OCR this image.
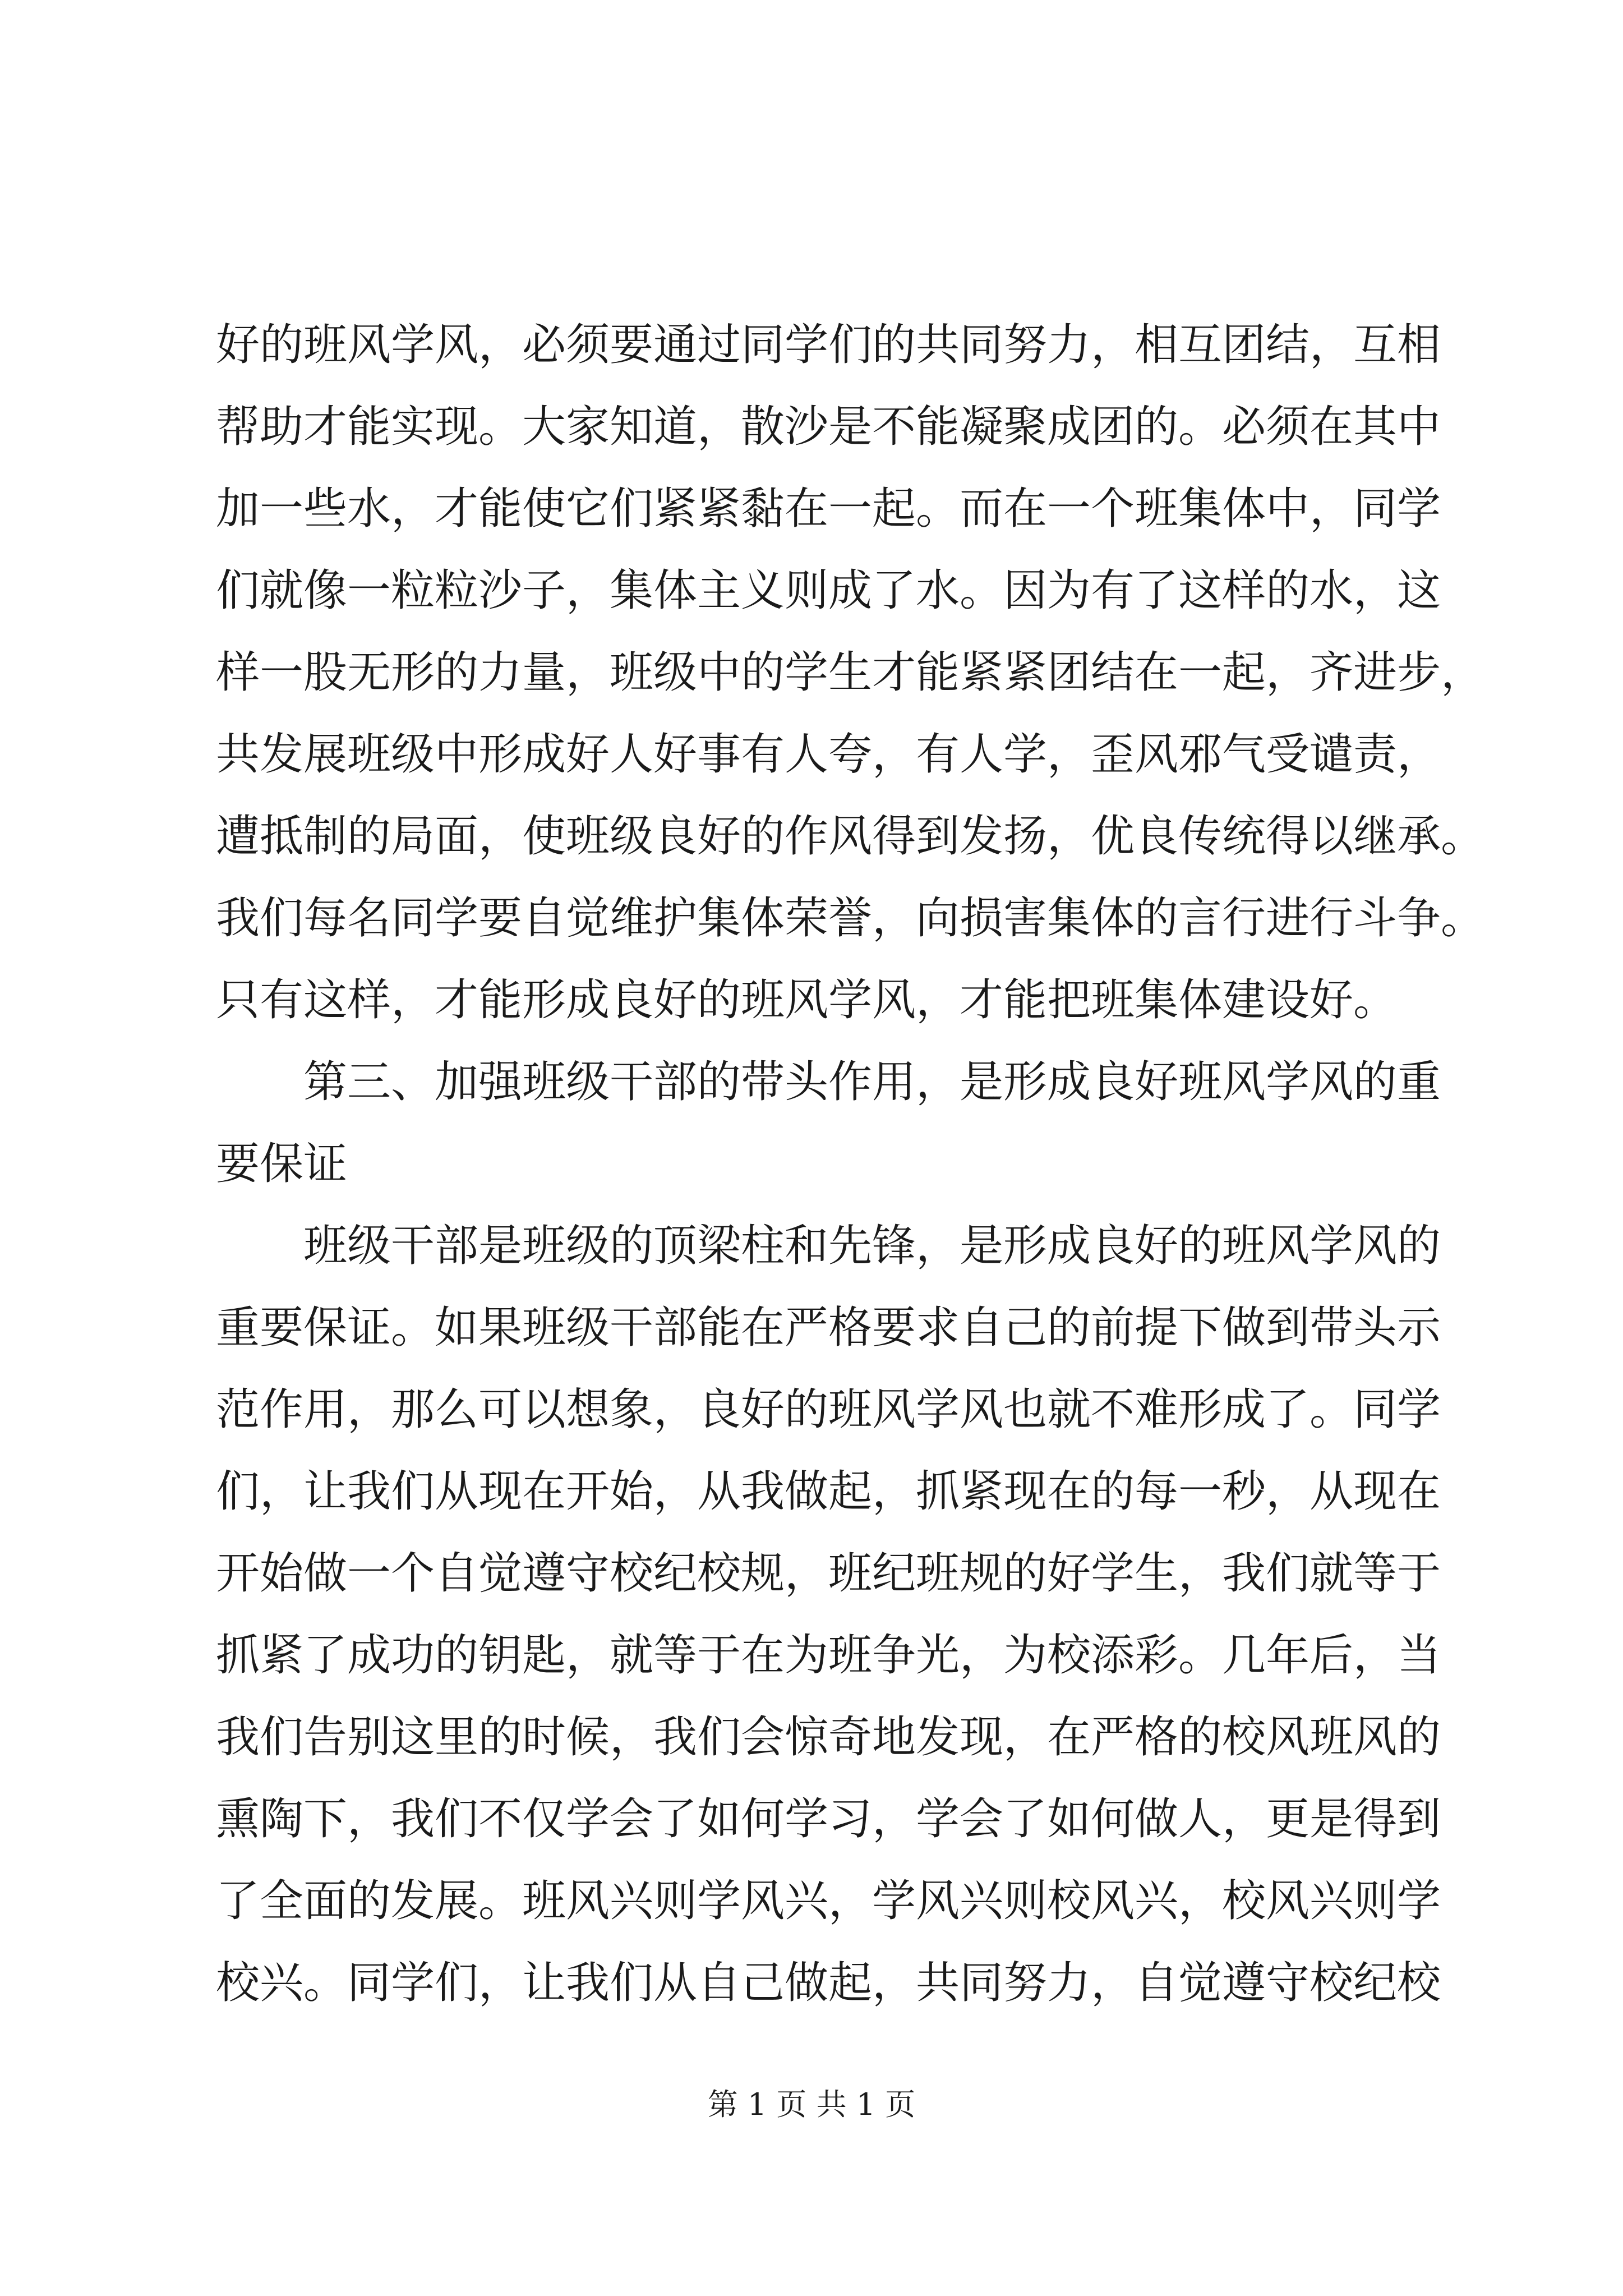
好的班风学风，必须要通过同学们的共同努力，相互团结，互相
帮助才能实现。大家知道，散沙是不能凝聚成团的。必须在其中
加一些水，才能使它们紧紧黏在一起。而在一个班集体中，同学
们就像一粒粒沙子，集体主义则成了水。因为有了这样的水，这
样一股无形的力量，班级中的学生才能紧紧团结在一起，齐进步，
共发展班级中形成好人好事有人夸，有人学，歪风邪气受谴责，
遭抵制的局面，使班级良好的作风得到发扬，优良传统得以继承。
我们每名同学要自觉维护集体荣誉，向损害集体的言行进行斗争。
只有这样，才能形成良好的班风学风，才能把班集体建设好。
第三、加强班级干部的带头作用，是形成良好班风学风的重
要保证
班级干部是班级的顶梁柱和先锋，是形成良好的班风学风的
重要保证。如果班级干部能在严格要求自己的前提下做到带头示
范作用，那么可以想象，良好的班风学风也就不难形成了。同学
们，让我们从现在开始，从我做起，抓紧现在的每一秒，从现在
开始做一个自觉遵守校纪校规，班纪班规的好学生，我们就等于
抓紧了成功的钥匙，就等于在为班争光，为校添彩。几年后，当
我们告别这里的时候，我们会惊奇地发现，在严格的校风班风的
熏陶下，我们不仅学会了如何学习，学会了如何做人，更是得到
了全面的发展。班风兴则学风兴，学风兴则校风兴，校风兴则学
校兴。同学们，让我们从自己做起，共同努力，自觉遵守校纪校
第 1 页 共 1 页
